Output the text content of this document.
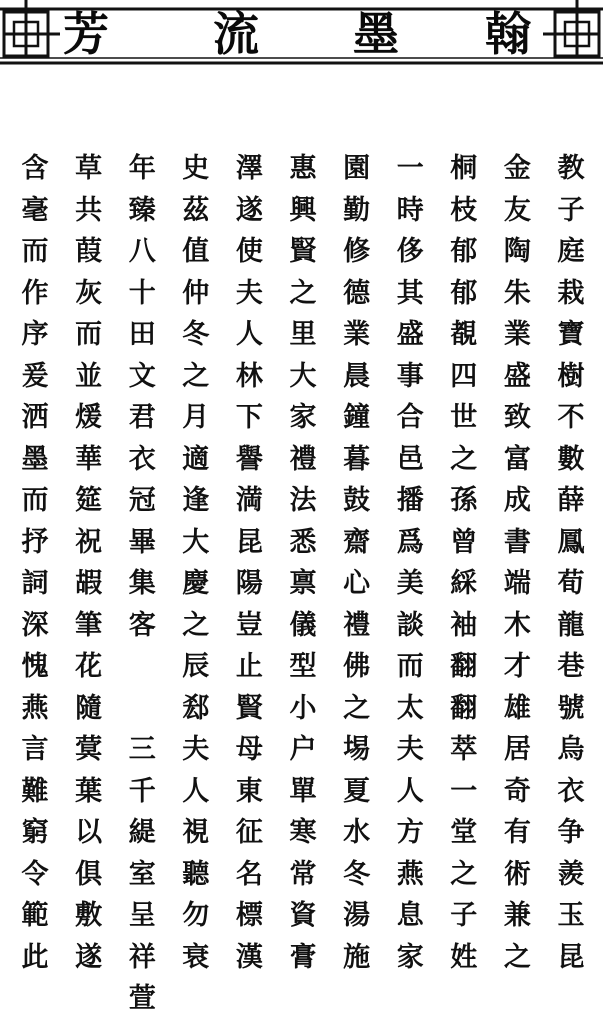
芳 流 墨 翰
教
子
庭
栽
寶
樹
不
數
薛
鳳
荀
龍
巷
號
烏
衣
争
羨
玉
昆
金
友
陶
朱
業
盛
致
富
成
書
端
木
才
雄
居
奇
有
術
兼
之
桐
枝
郁
郁
覩
四
世
之
孫
曾
綵
袖
翻
翻
萃
一
堂
之
子
姓
一
時
侈
其
盛
事
合
邑
播
爲
美
談
而
太
夫
人
方
燕
息
家
園
勤
修
德
業
晨
鐘
暮
鼓
齋
心
禮
佛
之
埸
夏
水
冬
湯
施
惠
興
賢
之
里
大
家
禮
法
悉
禀
儀
型
小
户
單
寒
常
資
膏
澤
遂
使
夫
人
林
下
譽
満
昆
陽
豈
止
賢
母
東
征
名
標
漢
史
茲
值
仲
冬
之
月
適
逢
大
慶
之
辰
郄
夫
人
視
聽
勿
衰
年
臻
八
十
田
文
君
衣
冠
畢
集
客
三
千
緹
室
呈
祥
萱
草
共
葭
灰
而
並
煖
華
筵
祝
嘏
筆
花
隨
蓂
葉
以
俱
敷
遂
含
毫
而
作
序
爰
洒
墨
而
抒
詞
深
愧
燕
言
難
窮
令
範
此
